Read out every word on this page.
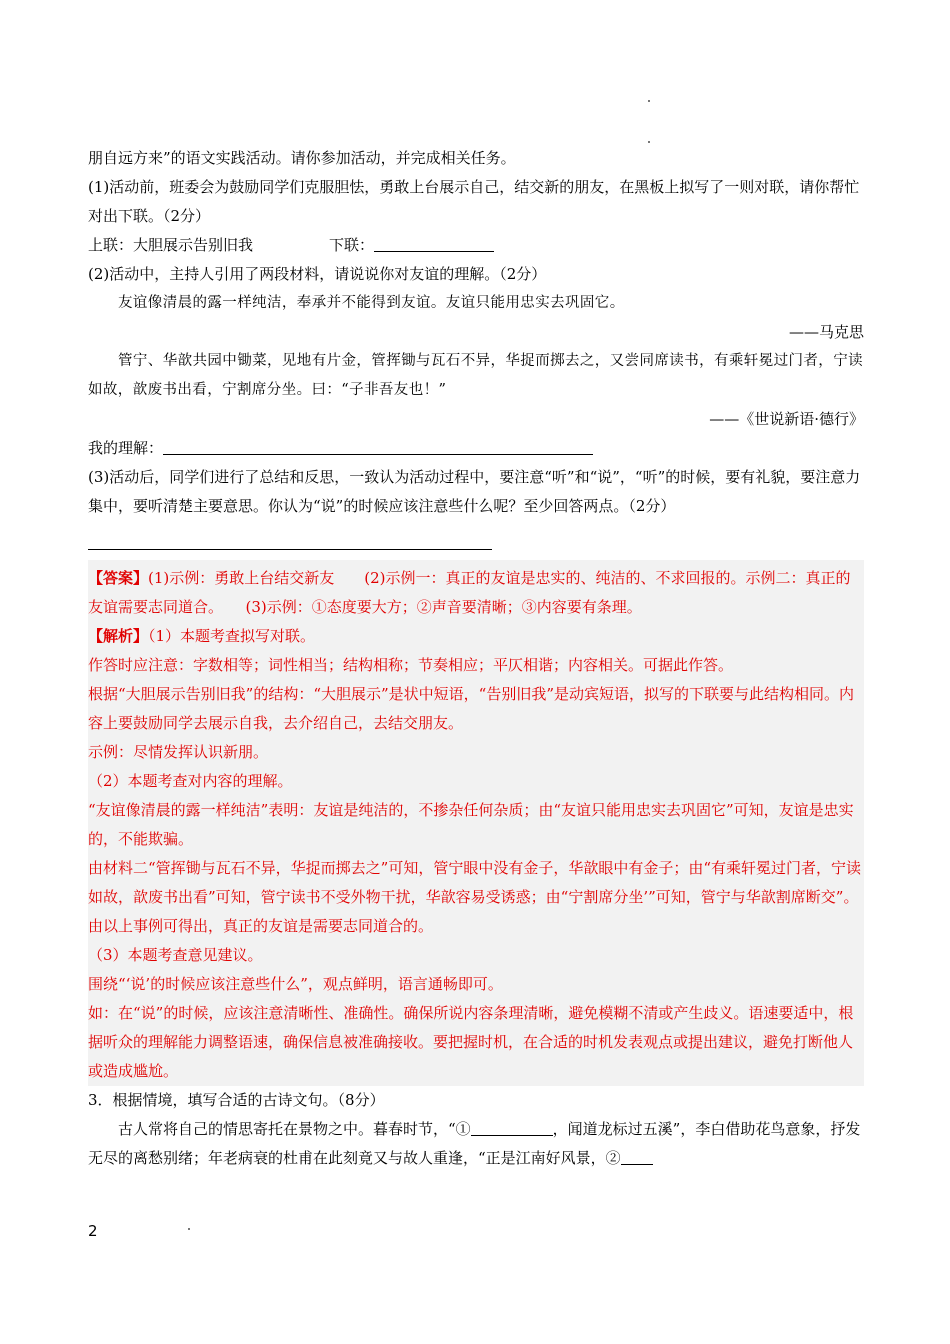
朋自远方来”的语文实践活动。请你参加活动，并完成相关任务。

(1)活动前，班委会为鼓励同学们克服胆怯，勇敢上台展示自己，结交新的朋友，在黑板上拟写了一则对联，请你帮忙对出下联。（2分）

上联：大胆展示告别旧我	下联：

(2)活动中，主持人引用了两段材料，请说说你对友谊的理解。（2分）

友谊像清晨的露一样纯洁，奉承并不能得到友谊。友谊只能用忠实去巩固它。

——马克思

管宁、华歆共园中锄菜，见地有片金，管挥锄与瓦石不异，华捉而掷去之，又尝同席读书，有乘轩冕过门者，宁读如故，歆废书出看，宁割席分坐。曰：“子非吾友也！”

——《世说新语·德行》

我的理解：

(3)活动后，同学们进行了总结和反思，一致认为活动过程中，要注意“听”和“说”，“听”的时候，要有礼貌，要注意力集中，要听清楚主要意思。你认为“说”的时候应该注意些什么呢？至少回答两点。（2分）

【答案】(1)示例：勇敢上台结交新友　　(2)示例一：真正的友谊是忠实的、纯洁的、不求回报的。示例二：真正的友谊需要志同道合。　　(3)示例：①态度要大方；②声音要清晰；③内容要有条理。

【解析】（1）本题考查拟写对联。

作答时应注意：字数相等；词性相当；结构相称；节奏相应；平仄相谐；内容相关。可据此作答。

根据“大胆展示告别旧我”的结构：“大胆展示”是状中短语，“告别旧我”是动宾短语，拟写的下联要与此结构相同。内容上要鼓励同学去展示自我，去介绍自己，去结交朋友。

示例：尽情发挥认识新朋。

（2）本题考查对内容的理解。

“友谊像清晨的露一样纯洁”表明：友谊是纯洁的，不掺杂任何杂质；由“友谊只能用忠实去巩固它”可知，友谊是忠实的，不能欺骗。

由材料二“管挥锄与瓦石不异，华捉而掷去之”可知，管宁眼中没有金子，华歆眼中有金子；由“有乘轩冕过门者，宁读如故，歆废书出看”可知，管宁读书不受外物干扰，华歆容易受诱惑；由“宁割席分坐’”可知，管宁与华歆割席断交”。由以上事例可得出，真正的友谊是需要志同道合的。

（3）本题考查意见建议。

围绕“‘说’的时候应该注意些什么”，观点鲜明，语言通畅即可。

如：在“说”的时候，应该注意清晰性、准确性。确保所说内容条理清晰，避免模糊不清或产生歧义。语速要适中，根据听众的理解能力调整语速，确保信息被准确接收。要把握时机，在合适的时机发表观点或提出建议，避免打断他人或造成尴尬。

3．根据情境，填写合适的古诗文句。（8分）

古人常将自己的情思寄托在景物之中。暮春时节，“①	，闻道龙标过五溪”，李白借助花鸟意象，抒发无尽的离愁别绪；年老病衰的杜甫在此刻竟又与故人重逢，“正是江南好风景，②

2
